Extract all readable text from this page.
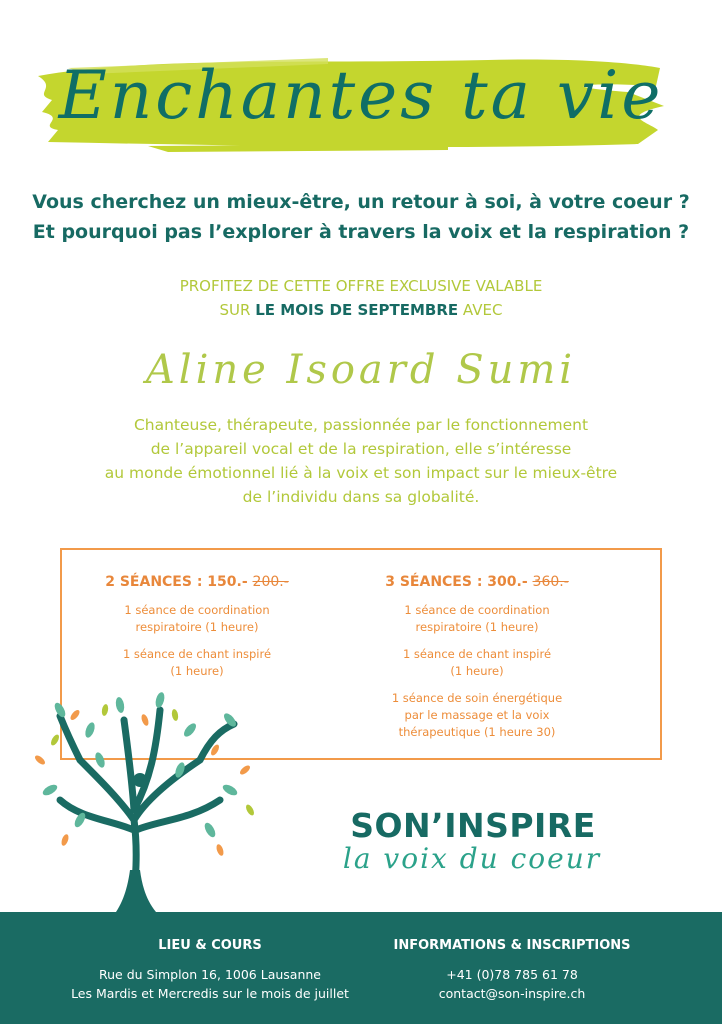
Enchantes ta vie
Vous cherchez un mieux-être, un retour à soi, à votre coeur ?
Et pourquoi pas l’explorer à travers la voix et la respiration ?
PROFITEZ DE CETTE OFFRE EXCLUSIVE VALABLE
SUR LE MOIS DE SEPTEMBRE AVEC
Aline Isoard Sumi
Chanteuse, thérapeute, passionnée par le fonctionnement
de l’appareil vocal et de la respiration, elle s’intéresse
au monde émotionnel lié à la voix et son impact sur le mieux-être
de l’individu dans sa globalité.
2 SÉANCES : 150.- 200.-

1 séance de coordination
respiratoire (1 heure)

1 séance de chant inspiré
(1 heure)

3 SÉANCES : 300.- 360.-

1 séance de coordination
respiratoire (1 heure)

1 séance de chant inspiré
(1 heure)

1 séance de soin énergétique
par le massage et la voix
thérapeutique (1 heure 30)

SON’INSPIRE
la voix du coeur
LIEU & COURS
Rue du Simplon 16, 1006 Lausanne
Les Mardis et Mercredis sur le mois de juillet
INFORMATIONS & INSCRIPTIONS
+41 (0)78 785 61 78
contact@son-inspire.ch
